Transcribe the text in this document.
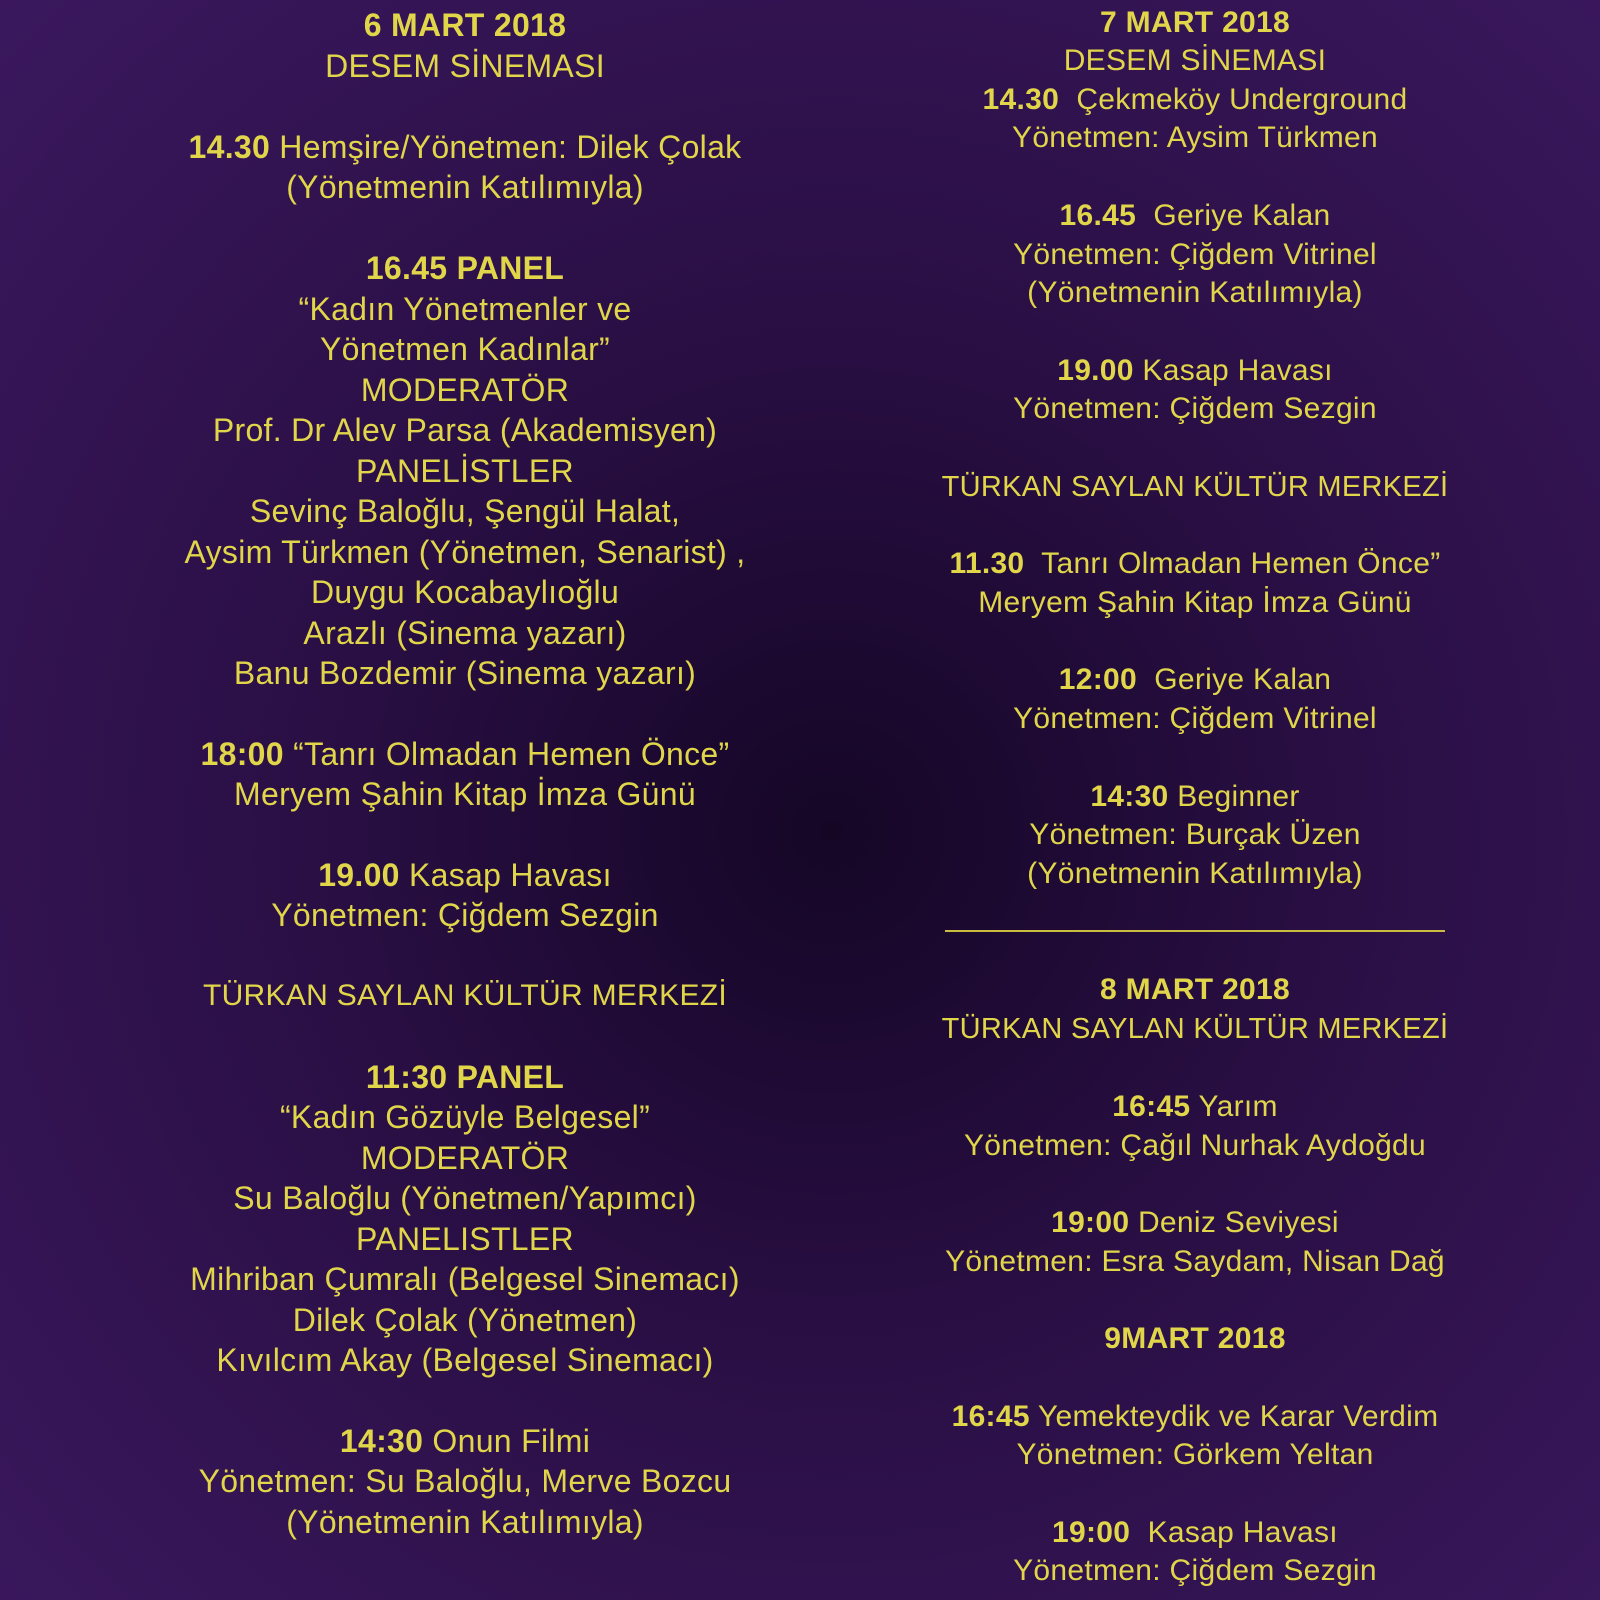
6 MART 2018
DESEM SİNEMASI
14.30 Hemşire/Yönetmen: Dilek Çolak
(Yönetmenin Katılımıyla)
16.45 PANEL
“Kadın Yönetmenler ve
Yönetmen Kadınlar”
MODERATÖR
Prof. Dr Alev Parsa (Akademisyen)
PANELİSTLER
Sevinç Baloğlu, Şengül Halat,
Aysim Türkmen (Yönetmen, Senarist) ,
Duygu Kocabaylıoğlu
Arazlı (Sinema yazarı)
Banu Bozdemir (Sinema yazarı)
18:00 “Tanrı Olmadan Hemen Önce”
Meryem Şahin Kitap İmza Günü
19.00 Kasap Havası
Yönetmen: Çiğdem Sezgin
TÜRKAN SAYLAN KÜLTÜR MERKEZİ
11:30 PANEL
“Kadın Gözüyle Belgesel”
MODERATÖR
Su Baloğlu (Yönetmen/Yapımcı)
PANELISTLER
Mihriban Çumralı (Belgesel Sinemacı)
Dilek Çolak (Yönetmen)
Kıvılcım Akay (Belgesel Sinemacı)
14:30 Onun Filmi
Yönetmen: Su Baloğlu, Merve Bozcu
(Yönetmenin Katılımıyla)
7 MART 2018
DESEM SİNEMASI
14.30 Çekmeköy Underground
Yönetmen: Aysim Türkmen
16.45 Geriye Kalan
Yönetmen: Çiğdem Vitrinel
(Yönetmenin Katılımıyla)
19.00 Kasap Havası
Yönetmen: Çiğdem Sezgin
TÜRKAN SAYLAN KÜLTÜR MERKEZİ
11.30 Tanrı Olmadan Hemen Önce”
Meryem Şahin Kitap İmza Günü
12:00 Geriye Kalan
Yönetmen: Çiğdem Vitrinel
14:30 Beginner
Yönetmen: Burçak Üzen
(Yönetmenin Katılımıyla)
8 MART 2018
TÜRKAN SAYLAN KÜLTÜR MERKEZİ
16:45 Yarım
Yönetmen: Çağıl Nurhak Aydoğdu
19:00 Deniz Seviyesi
Yönetmen: Esra Saydam, Nisan Dağ
9MART 2018
16:45 Yemekteydik ve Karar Verdim
Yönetmen: Görkem Yeltan
19:00 Kasap Havası
Yönetmen: Çiğdem Sezgin
